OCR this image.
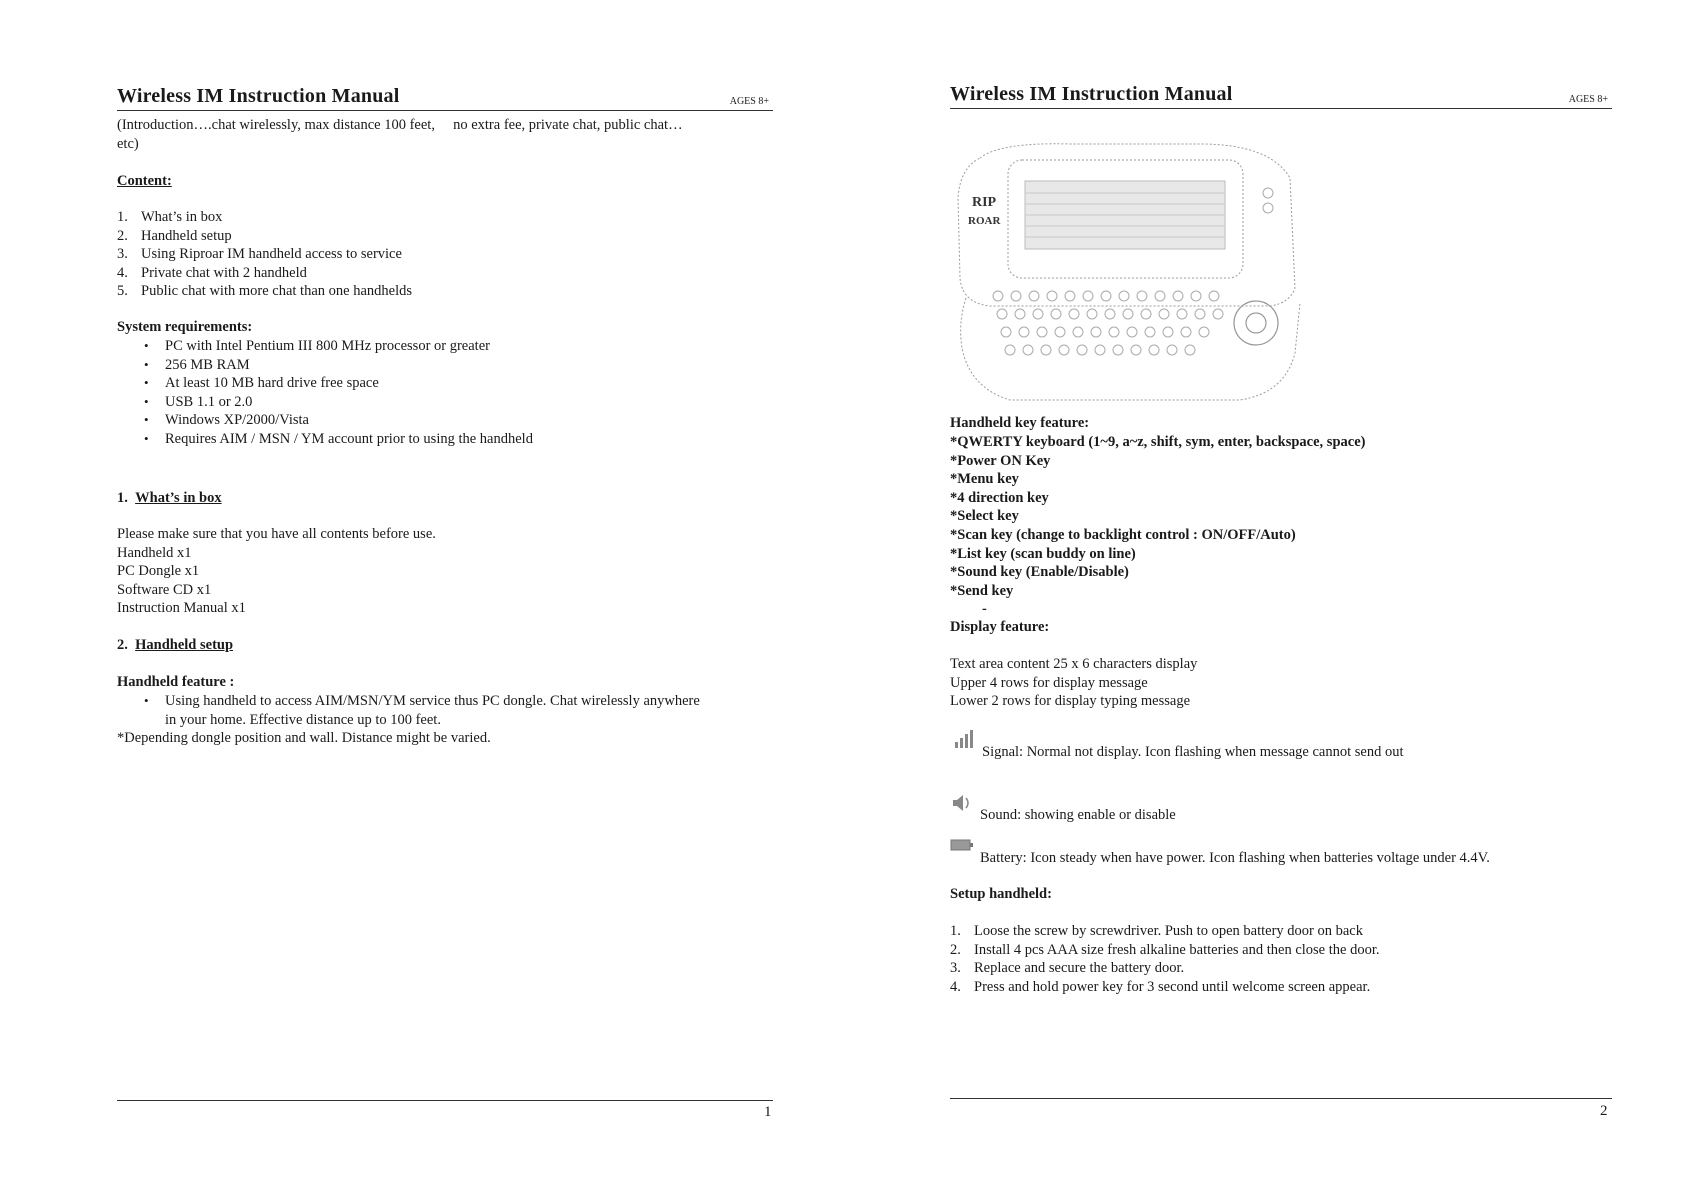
Wireless IM Instruction Manual	AGES 8+
(Introduction….chat wirelessly, max distance 100 feet,     no extra fee, private chat, public chat…
etc)
Content:
1. What’s in box
2. Handheld setup
3. Using Riproar IM handheld access to service
4. Private chat with 2 handheld
5. Public chat with more chat than one handhelds
System requirements:
• PC with Intel Pentium III 800 MHz processor or greater
• 256 MB RAM
• At least 10 MB hard drive free space
• USB 1.1 or 2.0
• Windows XP/2000/Vista
• Requires AIM / MSN / YM account prior to using the handheld
1. What’s in box
Please make sure that you have all contents before use.
Handheld x1
PC Dongle x1
Software CD x1
Instruction Manual x1
2. Handheld setup
Handheld feature :
• Using handheld to access AIM/MSN/YM service thus PC dongle. Chat wirelessly anywhere
in your home. Effective distance up to 100 feet.
*Depending dongle position and wall. Distance might be varied.
1
Wireless IM Instruction Manual	AGES 8+
RIP
ROAR
Handheld key feature:
*QWERTY keyboard (1~9, a~z, shift, sym, enter, backspace, space)
*Power ON Key
*Menu key
*4 direction key
*Select key
*Scan key (change to backlight control : ON/OFF/Auto)
*List key (scan buddy on line)
*Sound key (Enable/Disable)
*Send key
-
Display feature:
Text area content 25 x 6 characters display
Upper 4 rows for display message
Lower 2 rows for display typing message
Signal: Normal not display. Icon flashing when message cannot send out
Sound: showing enable or disable
Battery: Icon steady when have power. Icon flashing when batteries voltage under 4.4V.
Setup handheld:
1. Loose the screw by screwdriver. Push to open battery door on back
2. Install 4 pcs AAA size fresh alkaline batteries and then close the door.
3. Replace and secure the battery door.
4. Press and hold power key for 3 second until welcome screen appear.
2
